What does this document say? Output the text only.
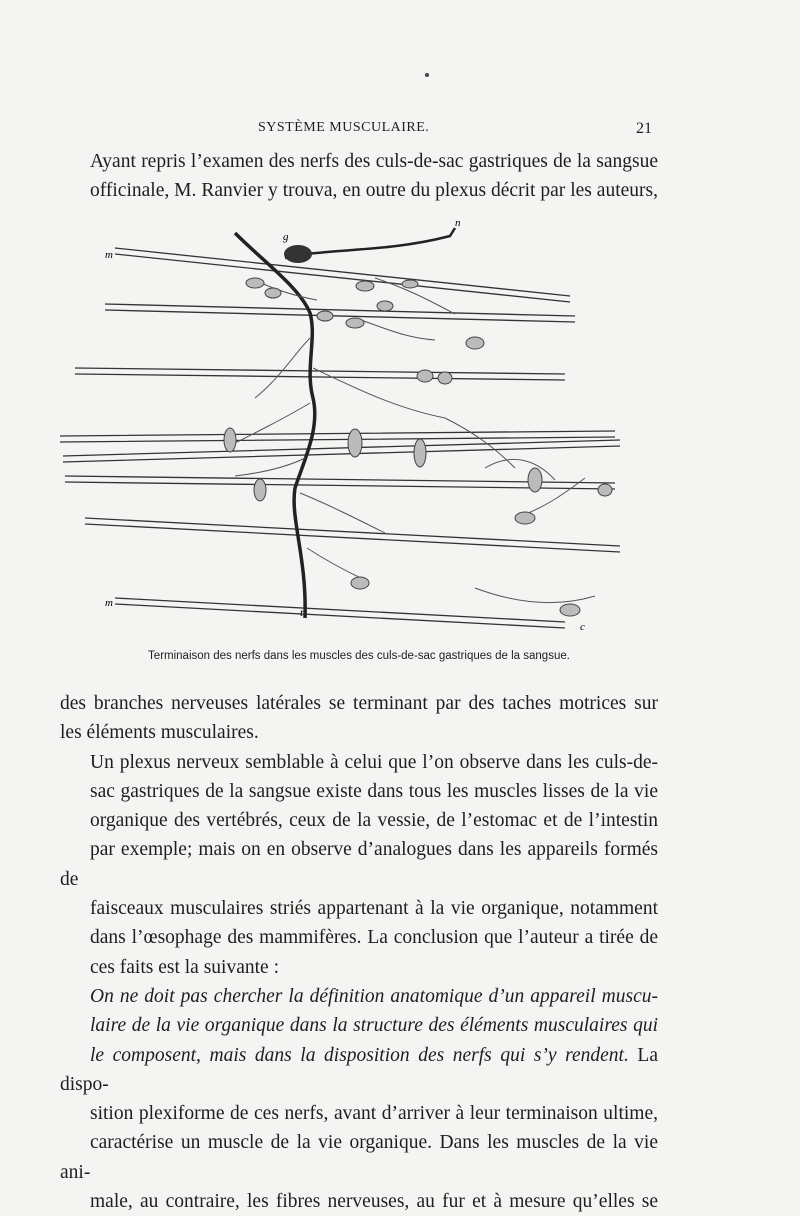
SYSTÈME MUSCULAIRE.	21

Ayant repris l’examen des nerfs des culs-de-sac gastriques de la sangsue
officinale, M. Ranvier y trouva, en outre du plexus décrit par les auteurs,

m
g
n
m
t
c
Terminaison des nerfs dans les muscles des culs-de-sac gastriques de la sangsue.

des branches nerveuses latérales se terminant par des taches motrices sur
les éléments musculaires.

Un plexus nerveux semblable à celui que l’on observe dans les culs-de-
sac gastriques de la sangsue existe dans tous les muscles lisses de la vie
organique des vertébrés, ceux de la vessie, de l’estomac et de l’intestin
par exemple; mais on en observe d’analogues dans les appareils formés de
faisceaux musculaires striés appartenant à la vie organique, notamment
dans l’œsophage des mammifères. La conclusion que l’auteur a tirée de
ces faits est la suivante :

On ne doit pas chercher la définition anatomique d’un appareil muscu-
laire de la vie organique dans la structure des éléments musculaires qui
le composent, mais dans la disposition des nerfs qui s’y rendent. La dispo-
sition plexiforme de ces nerfs, avant d’arriver à leur terminaison ultime,
caractérise un muscle de la vie organique. Dans les muscles de la vie ani-
male, au contraire, les fibres nerveuses, au fur et à mesure qu’elles se
